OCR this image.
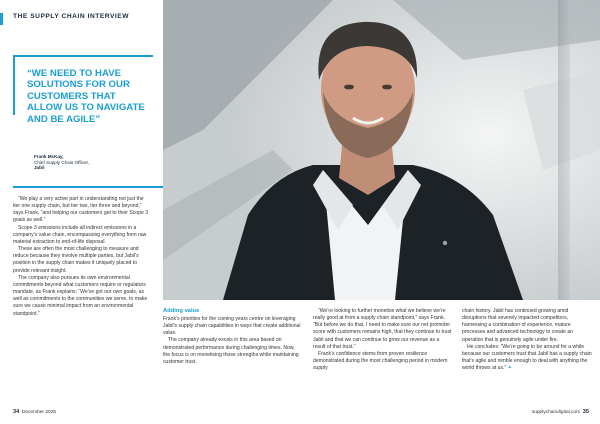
THE SUPPLY CHAIN INTERVIEW
“WE NEED TO HAVE SOLUTIONS FOR OUR CUSTOMERS THAT ALLOW US TO NAVIGATE AND BE AGILE”
Frank McKay,
Chief Supply Chain Officer,
Jabil

“We play a very active part in understanding not just the tier one supply chain, but tier two, tier three and beyond,” says Frank, “and helping our customers get to their Scope 3 goals as well.”

Scope 3 emissions include all indirect emissions in a company’s value chain, encompassing everything from raw material extraction to end-of-life disposal.

These are often the most challenging to measure and reduce because they involve multiple parties, but Jabil’s position in the supply chain makes it uniquely placed to provide relevant insight.

The company also pursues its own environmental commitments beyond what customers require or regulators mandate, as Frank explains: “We’ve got our own goals, as well as commitments to the communities we serve, to make sure we cause minimal impact from an environmental standpoint.”	Adding value

Frank’s priorities for the coming years centre on leveraging Jabil’s supply chain capabilities in ways that create additional value.

The company already excels in this area based on demonstrated performance during challenging times. Now, the focus is on monetising those strengths while maintaining customer trust.

“We’re looking to further monetise what we believe we’re really good at from a supply chain standpoint,” says Frank. “But before we do that, I need to make sure our net promoter score with customers remains high, that they continue to trust Jabil and that we can continue to grow our revenue as a result of that trust.”

Frank’s confidence stems from proven resilience demonstrated during the most challenging period in modern supply

chain history. Jabil has continued growing amid disruptions that severely impacted competitors, harnessing a combination of experience, mature processes and advanced technology to create an operation that is genuinely agile under fire.

He concludes: “We’re going to be around for a while because our customers trust that Jabil has a supply chain that’s agile and nimble enough to deal with anything the world throws at us.” ✦

34 December 2025	supplychaindigital.com 35
